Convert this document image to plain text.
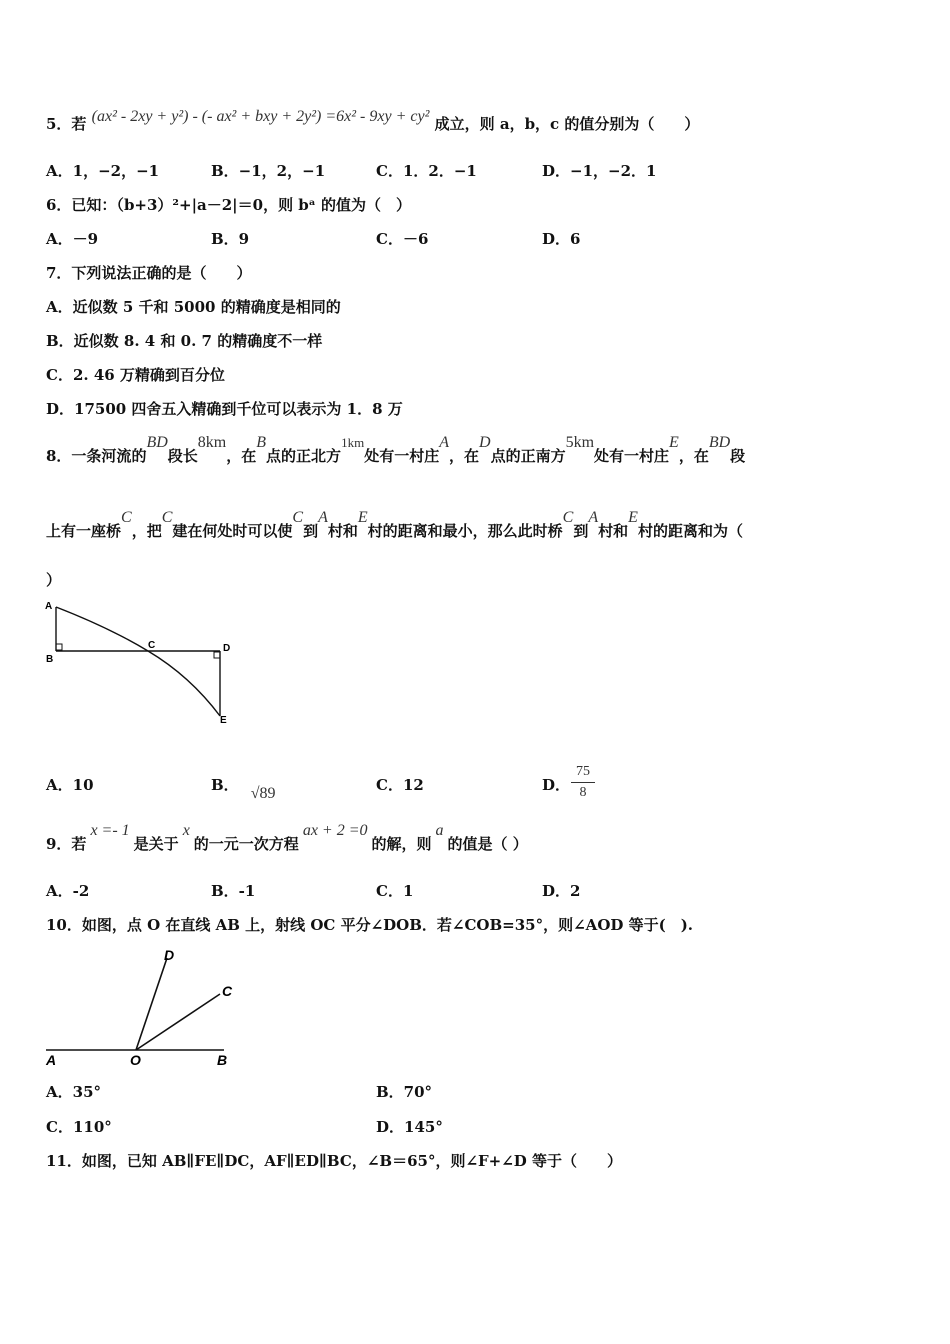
5．若 (ax² - 2xy + y²) - (- ax² + bxy + 2y²) =6x² - 9xy + cy² 成立，则 a，b，c 的值分别为（　　）
A．1，−2，−1	B．−1，2，−1	C．1．2．−1	D．−1，−2．1
6．已知：（b+3）²+|a－2|＝0，则 bᵃ 的值为（　）
A．－9	B．9	C．－6	D．6
7．下列说法正确的是（　　）
A．近似数 5 千和 5000 的精确度是相同的
B．近似数 8. 4 和 0. 7 的精确度不一样
C．2. 46 万精确到百分位
D．17500 四舍五入精确到千位可以表示为 1．8 万
8．一条河流的BD段长8km，在B点的正北方1km处有一村庄A，在D点的正南方5km处有一村庄E，在BD段
上有一座桥C，把C建在何处时可以使C到A村和E村的距离和最小，那么此时桥C到A村和E村的距离和为（
）
A
B
C	D
E
A．10	B． √89	C．12	D．
75
8
9．若x =- 1是关于x的一元一次方程ax + 2 =0的解，则a的值是（ ）
A．-2	B．-1	C．1	D．2
10．如图，点 O 在直线 AB 上，射线 OC 平分∠DOB．若∠COB=35°，则∠AOD 等于(　).
D
C
A	O	B
A．35°	B．70°
C．110°	D．145°
11．如图，已知 AB∥FE∥DC，AF∥ED∥BC，∠B＝65°，则∠F+∠D 等于（　　）
